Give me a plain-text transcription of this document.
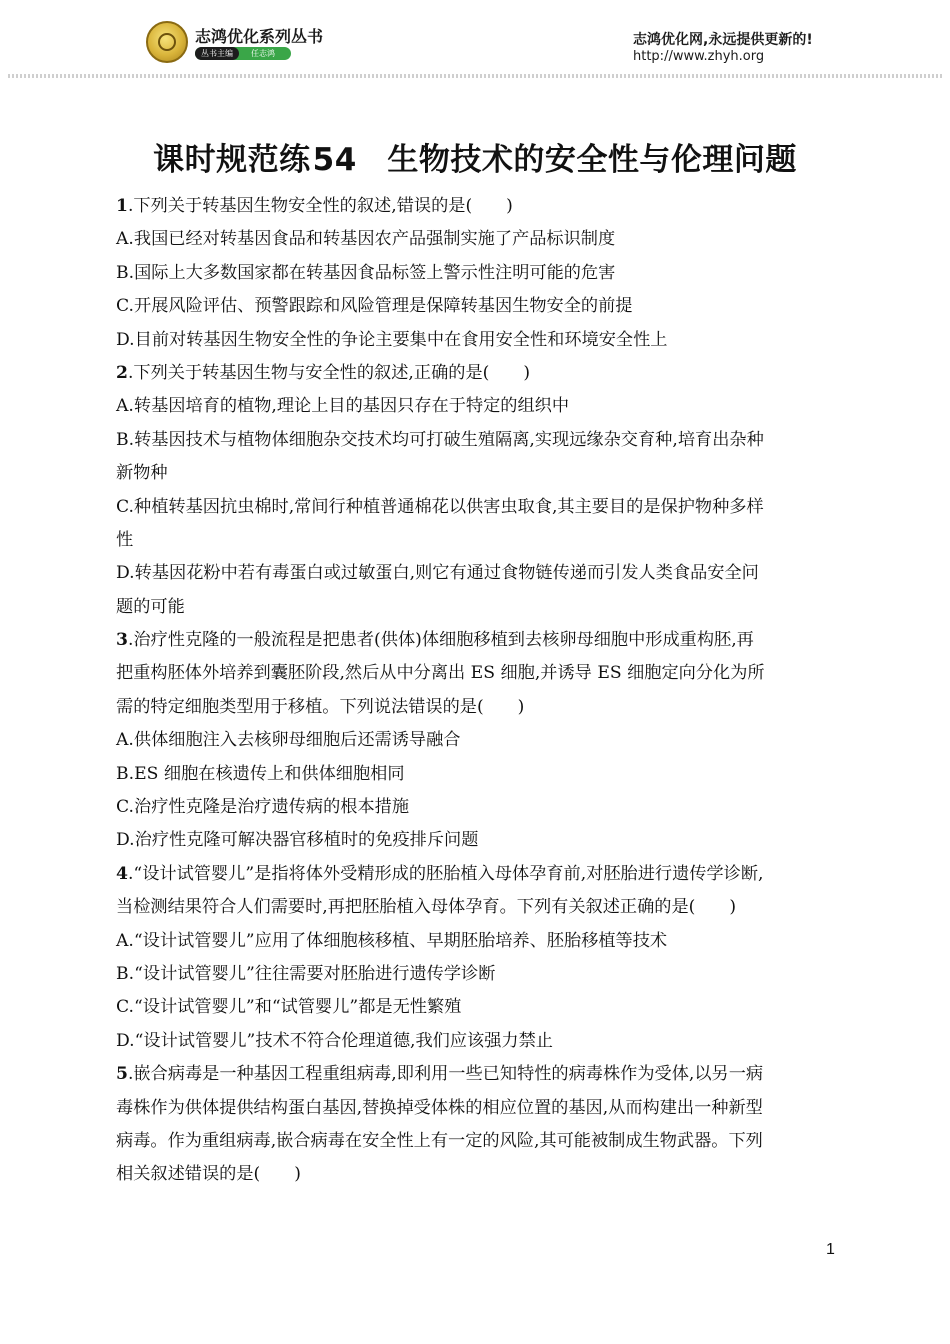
志鸿优化系列丛书
丛书主编	任志鸿
志鸿优化网,永远提供更新的!
http://www.zhyh.org
课时规范练54 生物技术的安全性与伦理问题
1.下列关于转基因生物安全性的叙述,错误的是( )
A.我国已经对转基因食品和转基因农产品强制实施了产品标识制度
B.国际上大多数国家都在转基因食品标签上警示性注明可能的危害
C.开展风险评估、预警跟踪和风险管理是保障转基因生物安全的前提
D.目前对转基因生物安全性的争论主要集中在食用安全性和环境安全性上
2.下列关于转基因生物与安全性的叙述,正确的是( )
A.转基因培育的植物,理论上目的基因只存在于特定的组织中
B.转基因技术与植物体细胞杂交技术均可打破生殖隔离,实现远缘杂交育种,培育出杂种
新物种
C.种植转基因抗虫棉时,常间行种植普通棉花以供害虫取食,其主要目的是保护物种多样
性
D.转基因花粉中若有毒蛋白或过敏蛋白,则它有通过食物链传递而引发人类食品安全问
题的可能
3.治疗性克隆的一般流程是把患者(供体)体细胞移植到去核卵母细胞中形成重构胚,再
把重构胚体外培养到囊胚阶段,然后从中分离出 ES 细胞,并诱导 ES 细胞定向分化为所
需的特定细胞类型用于移植。下列说法错误的是( )
A.供体细胞注入去核卵母细胞后还需诱导融合
B.ES 细胞在核遗传上和供体细胞相同
C.治疗性克隆是治疗遗传病的根本措施
D.治疗性克隆可解决器官移植时的免疫排斥问题
4.“设计试管婴儿”是指将体外受精形成的胚胎植入母体孕育前,对胚胎进行遗传学诊断,
当检测结果符合人们需要时,再把胚胎植入母体孕育。下列有关叙述正确的是( )
A.“设计试管婴儿”应用了体细胞核移植、早期胚胎培养、胚胎移植等技术
B.“设计试管婴儿”往往需要对胚胎进行遗传学诊断
C.“设计试管婴儿”和“试管婴儿”都是无性繁殖
D.“设计试管婴儿”技术不符合伦理道德,我们应该强力禁止
5.嵌合病毒是一种基因工程重组病毒,即利用一些已知特性的病毒株作为受体,以另一病
毒株作为供体提供结构蛋白基因,替换掉受体株的相应位置的基因,从而构建出一种新型
病毒。作为重组病毒,嵌合病毒在安全性上有一定的风险,其可能被制成生物武器。下列
相关叙述错误的是( )
1
